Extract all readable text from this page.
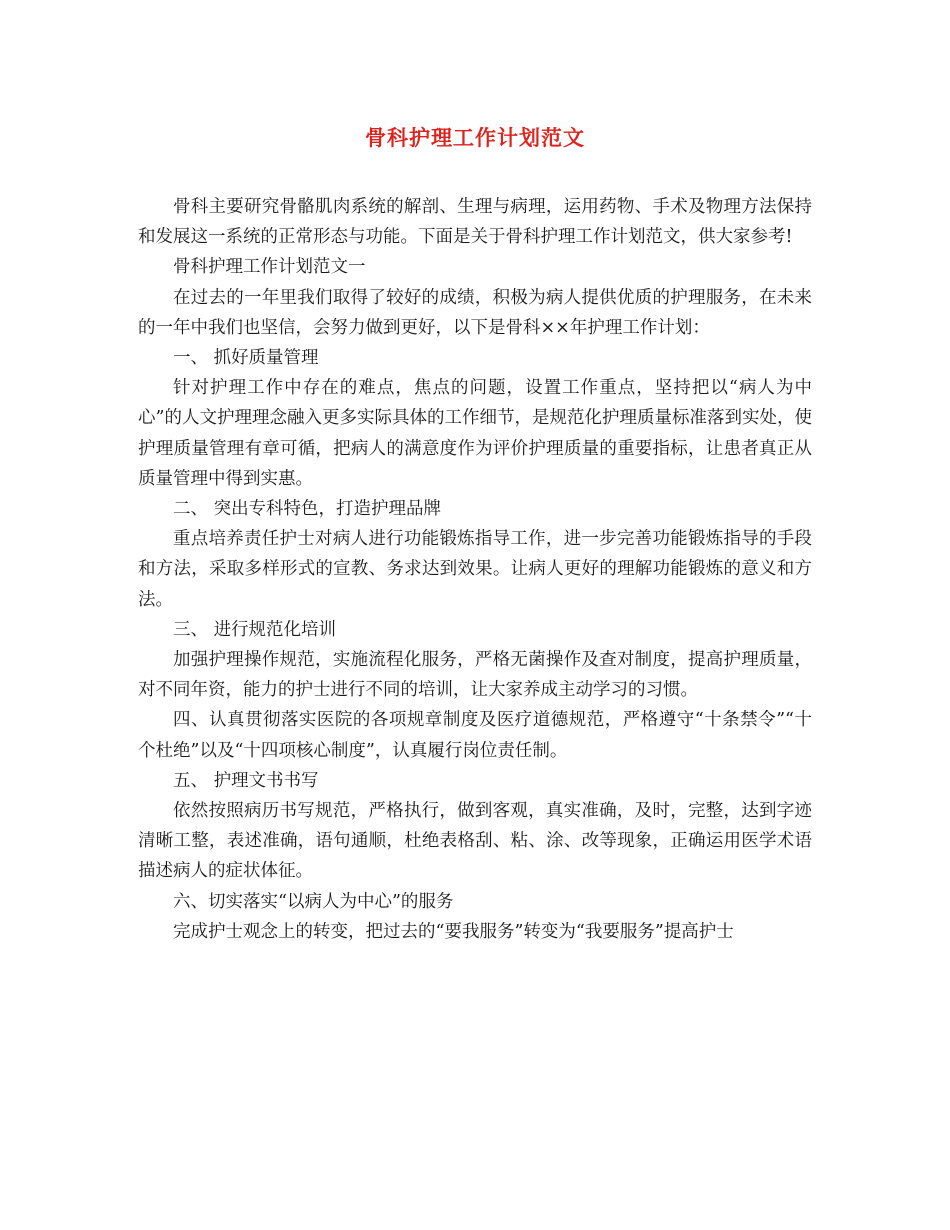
骨科护理工作计划范文

骨科主要研究骨骼肌肉系统的解剖、生理与病理，运用药物、手术及物理方法保持和发展这一系统的正常形态与功能。下面是关于骨科护理工作计划范文，供大家参考!

骨科护理工作计划范文一

在过去的一年里我们取得了较好的成绩，积极为病人提供优质的护理服务，在未来的一年中我们也坚信，会努力做到更好，以下是骨科××年护理工作计划：

一、 抓好质量管理

针对护理工作中存在的难点，焦点的问题，设置工作重点，坚持把以“病人为中心”的人文护理理念融入更多实际具体的工作细节，是规范化护理质量标准落到实处，使护理质量管理有章可循，把病人的满意度作为评价护理质量的重要指标，让患者真正从质量管理中得到实惠。

二、 突出专科特色，打造护理品牌

重点培养责任护士对病人进行功能锻炼指导工作，进一步完善功能锻炼指导的手段和方法，采取多样形式的宣教、务求达到效果。让病人更好的理解功能锻炼的意义和方法。

三、 进行规范化培训

加强护理操作规范，实施流程化服务，严格无菌操作及查对制度，提高护理质量，对不同年资，能力的护士进行不同的培训，让大家养成主动学习的习惯。

四、认真贯彻落实医院的各项规章制度及医疗道德规范，严格遵守“十条禁令”“十个杜绝”以及“十四项核心制度”，认真履行岗位责任制。

五、 护理文书书写

依然按照病历书写规范，严格执行，做到客观，真实准确，及时，完整，达到字迹清晰工整，表述准确，语句通顺，杜绝表格刮、粘、涂、改等现象，正确运用医学术语描述病人的症状体征。

六、切实落实“以病人为中心”的服务

完成护士观念上的转变，把过去的“要我服务”转变为“我要服务”提高护士
